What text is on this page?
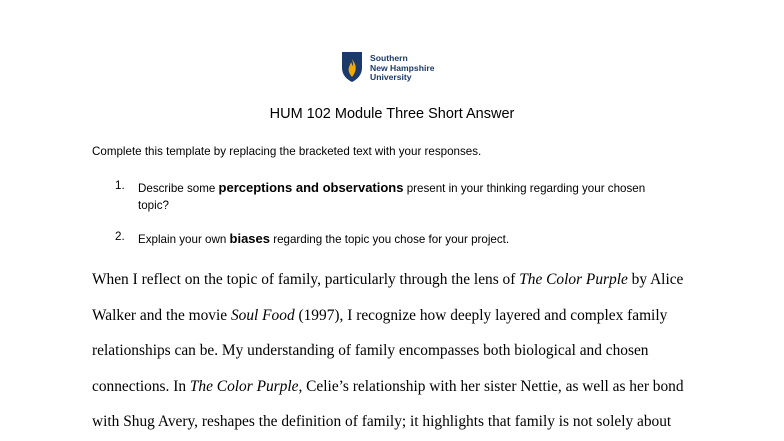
Southern
New Hampshire
University
HUM 102 Module Three Short Answer
Complete this template by replacing the bracketed text with your responses.
1. Describe some perceptions and observations present in your thinking regarding your chosen topic?
2. Explain your own biases regarding the topic you chose for your project.
When I reflect on the topic of family, particularly through the lens of The Color Purple by Alice
Walker and the movie Soul Food (1997), I recognize how deeply layered and complex family
relationships can be. My understanding of family encompasses both biological and chosen
connections. In The Color Purple, Celie’s relationship with her sister Nettie, as well as her bond
with Shug Avery, reshapes the definition of family; it highlights that family is not solely about
